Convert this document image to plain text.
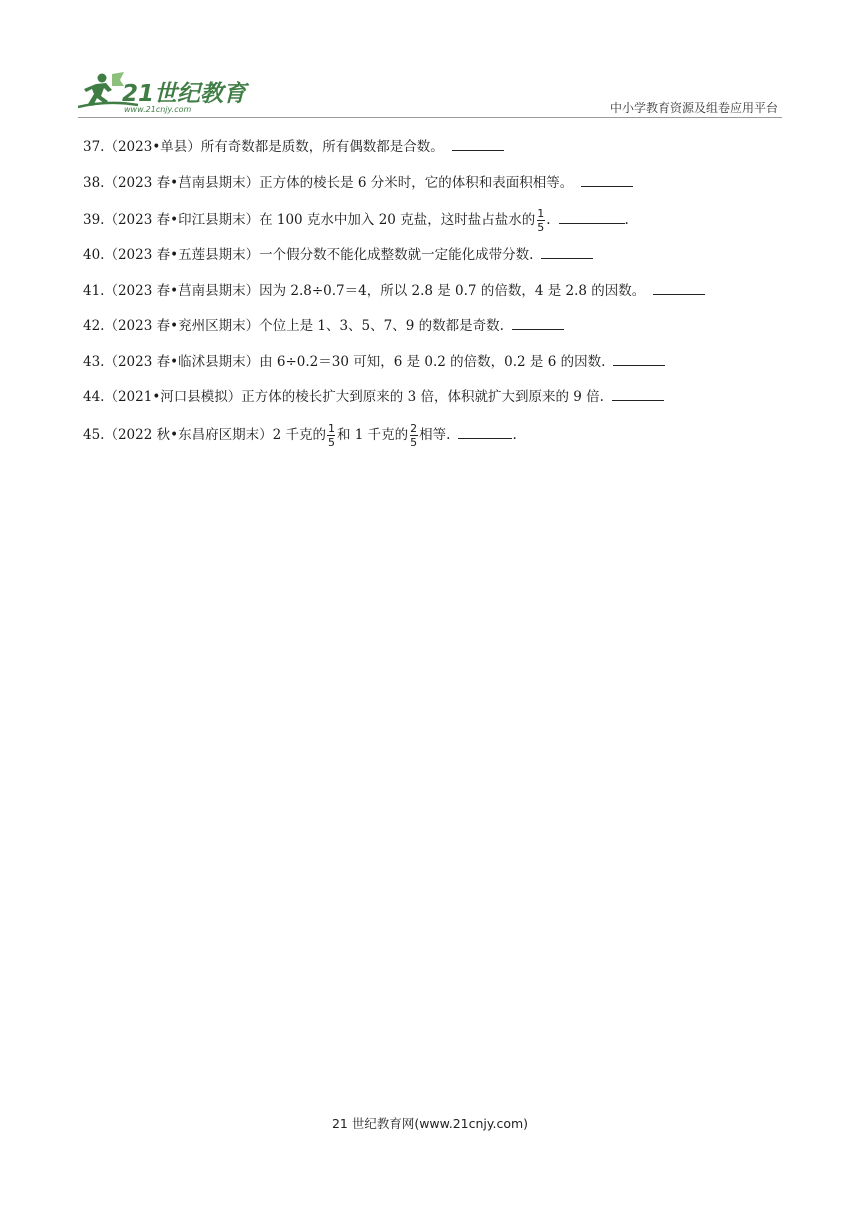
21世纪教育
www.21cnjy.com	中小学教育资源及组卷应用平台
37.（2023•单县）所有奇数都是质数，所有偶数都是合数。
38.（2023 春•莒南县期末）正方体的棱长是 6 分米时，它的体积和表面积相等。
39.（2023 春•印江县期末）在 100 克水中加入 20 克盐，这时盐占盐水的 $\frac{1}{5}$ .	.
40.（2023 春•五莲县期末）一个假分数不能化成整数就一定能化成带分数.
41.（2023 春•莒南县期末）因为 2.8÷0.7＝4，所以 2.8 是 0.7 的倍数，4 是 2.8 的因数。
42.（2023 春•兖州区期末）个位上是 1、3、5、7、9 的数都是奇数.
43.（2023 春•临沭县期末）由 6÷0.2＝30 可知，6 是 0.2 的倍数，0.2 是 6 的因数.
44.（2021•河口县模拟）正方体的棱长扩大到原来的 3 倍，体积就扩大到原来的 9 倍.
45.（2022 秋•东昌府区期末）2 千克的 $\frac{1}{5}$ 和 1 千克的 $\frac{2}{5}$ 相等.	.
21 世纪教育网(www.21cnjy.com)
